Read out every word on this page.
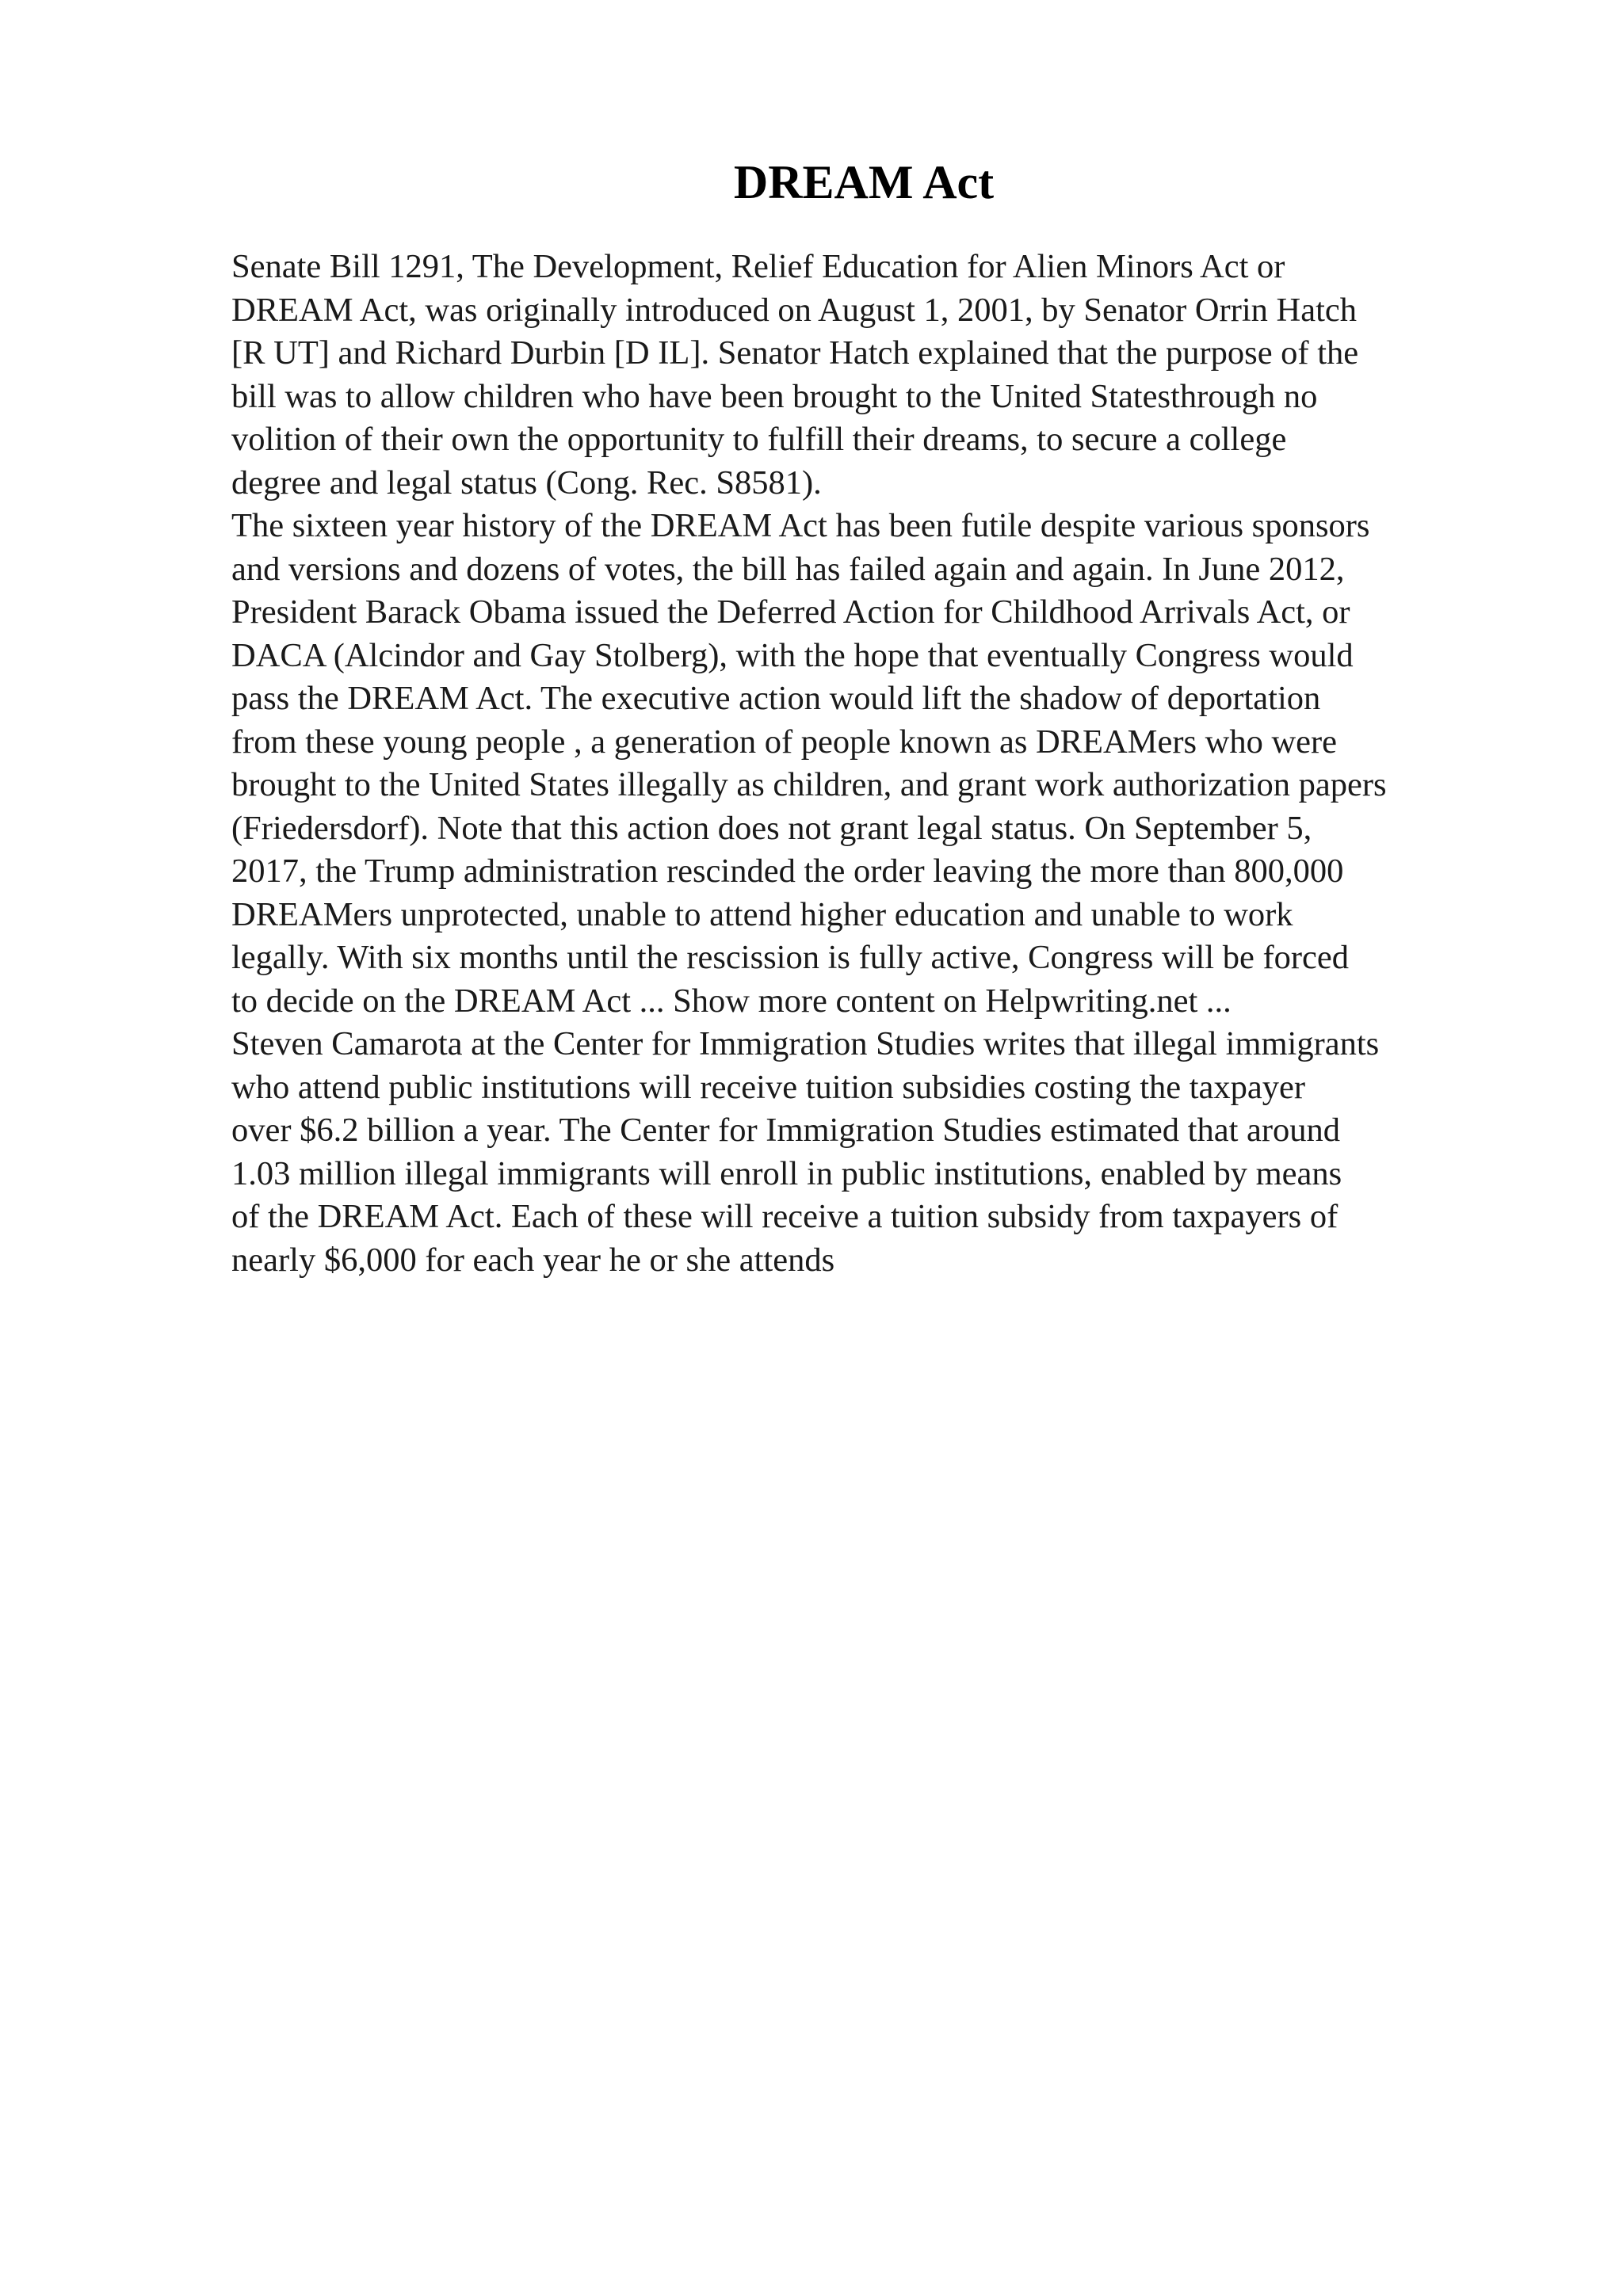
DREAM Act
Senate Bill 1291, The Development, Relief Education for Alien Minors Act or
DREAM Act, was originally introduced on August 1, 2001, by Senator Orrin Hatch
[R UT] and Richard Durbin [D IL]. Senator Hatch explained that the purpose of the
bill was to allow children who have been brought to the United Statesthrough no
volition of their own the opportunity to fulfill their dreams, to secure a college
degree and legal status (Cong. Rec. S8581).
The sixteen year history of the DREAM Act has been futile despite various sponsors
and versions and dozens of votes, the bill has failed again and again. In June 2012,
President Barack Obama issued the Deferred Action for Childhood Arrivals Act, or
DACA (Alcindor and Gay Stolberg), with the hope that eventually Congress would
pass the DREAM Act. The executive action would lift the shadow of deportation
from these young people , a generation of people known as DREAMers who were
brought to the United States illegally as children, and grant work authorization papers
(Friedersdorf). Note that this action does not grant legal status. On September 5,
2017, the Trump administration rescinded the order leaving the more than 800,000
DREAMers unprotected, unable to attend higher education and unable to work
legally. With six months until the rescission is fully active, Congress will be forced
to decide on the DREAM Act ... Show more content on Helpwriting.net ...
Steven Camarota at the Center for Immigration Studies writes that illegal immigrants
who attend public institutions will receive tuition subsidies costing the taxpayer
over $6.2 billion a year. The Center for Immigration Studies estimated that around
1.03 million illegal immigrants will enroll in public institutions, enabled by means
of the DREAM Act. Each of these will receive a tuition subsidy from taxpayers of
nearly $6,000 for each year he or she attends
